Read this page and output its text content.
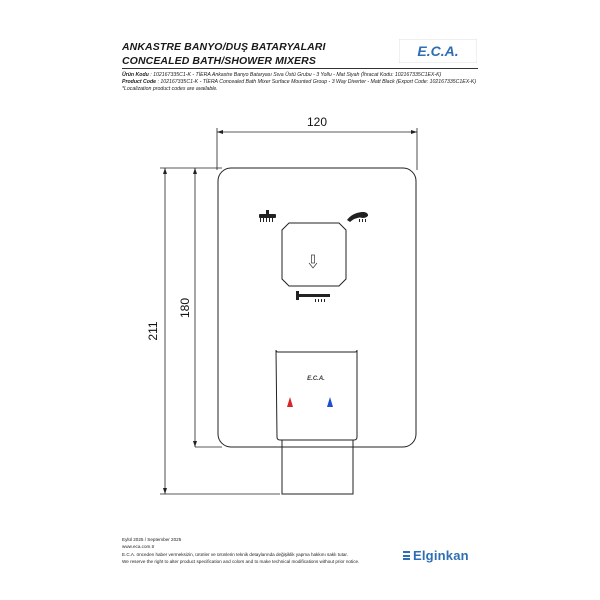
ANKASTRE BANYO/DUŞ BATARYALARI
CONCEALED BATH/SHOWER MIXERS
E.C.A.
Ürün Kodu : 102167335C1-K - TİERA Ankastre Banyo Bataryası Sıva Üstü Grubu - 3 Yollu - Mat Siyah (İhracat Kodu: 102167335C1EX-K)
Product Code : 102167335C1-K - TİERA Concealed Bath Mixer Surface Mounted Group - 3 Way Diverter - Matt Black (Export Code: 102167335C1EX-K)
*Localization product codes are available.
120
180
211
E.C.A.
Eylül 2025 / September 2025
www.eca.com.tr
E.C.A. önceden haber vermeksizin, ürünler ve ürünlerin teknik detaylarında değişiklik yapma hakkını saklı tutar.
We reserve the right to alter product specification and colors and to make technical modifications without prior notice.	Elginkan
